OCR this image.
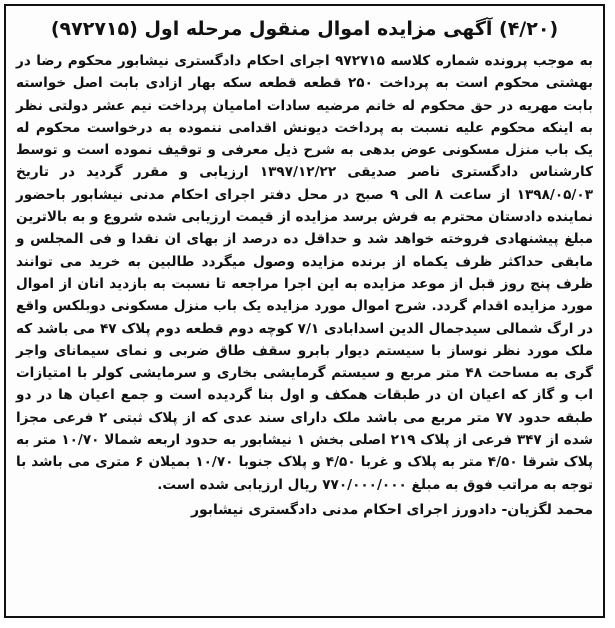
(۴/۲۰) آگهی مزایده اموال منقول مرحله اول (۹۷۲۷۱۵)

به موجب پرونده شماره کلاسه ۹۷۲۷۱۵ اجرای احکام دادگستری نیشابور محکوم رضا در بهشتی محکوم است به پرداخت ۲۵۰ قطعه قطعه سکه بهار ازادی بابت اصل خواسته بابت مهریه در حق محکوم له خانم مرضیه سادات امامیان پرداخت نیم عشر دولتی نظر به اینکه محکوم علیه نسبت به پرداخت دیونش اقدامی ننموده به درخواست محکوم له یک باب منزل مسکونی عوض بدهی به شرح ذیل معرفی و توقیف نموده است و توسط کارشناس دادگستری ناصر صدیقی ۱۳۹۷/۱۲/۲۲ ارزیابی و مقرر گردید در تاریخ ۱۳۹۸/۰۵/۰۳ از ساعت ۸ الی ۹ صبح در محل دفتر اجرای احکام مدنی نیشابور باحضور نماینده دادستان محترم به فرش برسد مزایده از قیمت ارزیابی شده شروع و به بالاترین مبلغ پیشنهادی فروخته خواهد شد و حداقل ده درصد از بهای ان نقدا و فی المجلس و مابقی حداکثر ظرف یکماه از برنده مزایده وصول میگردد طالبین به خرید می توانند ظرف پنج روز قبل از موعد مزایده به این اجرا مراجعه تا نسبت به بازدید انان از اموال مورد مزایده اقدام گردد. شرح اموال مورد مزایده یک باب منزل مسکونی دوبلکس واقع در ارگ شمالی سیدجمال الدین اسدابادی ۷/۱ کوچه دوم قطعه دوم پلاک ۴۷ می باشد که ملک مورد نظر نوساز با سیستم دیوار بابرو سقف طاق ضربی و نمای سیمانای واجر گری به مساحت ۴۸ متر مربع و سیستم گرمایشی بخاری و سرمایشی کولر با امتیازات اب و گاز که اعیان ان در طبقات همکف و اول بنا گردیده است و جمع اعیان ها در دو طبقه حدود ۷۷ متر مربع می باشد ملک دارای سند عدی که از پلاک ثبتی ۲ فرعی مجزا شده از ۳۴۷ فرعی از پلاک ۲۱۹ اصلی بخش ۱ نیشابور به حدود اربعه شمالا ۱۰/۷۰ متر به پلاک شرقا ۴/۵۰ متر به پلاک و غربا ۴/۵۰ و پلاک جنوبا ۱۰/۷۰ بمیلان ۶ متری می باشد با توجه به مراتب فوق به مبلغ ۷۷۰/۰۰۰/۰۰۰ ریال ارزیابی شده است.

محمد لگزیان- دادورز اجرای احکام مدنی دادگستری نیشابور
